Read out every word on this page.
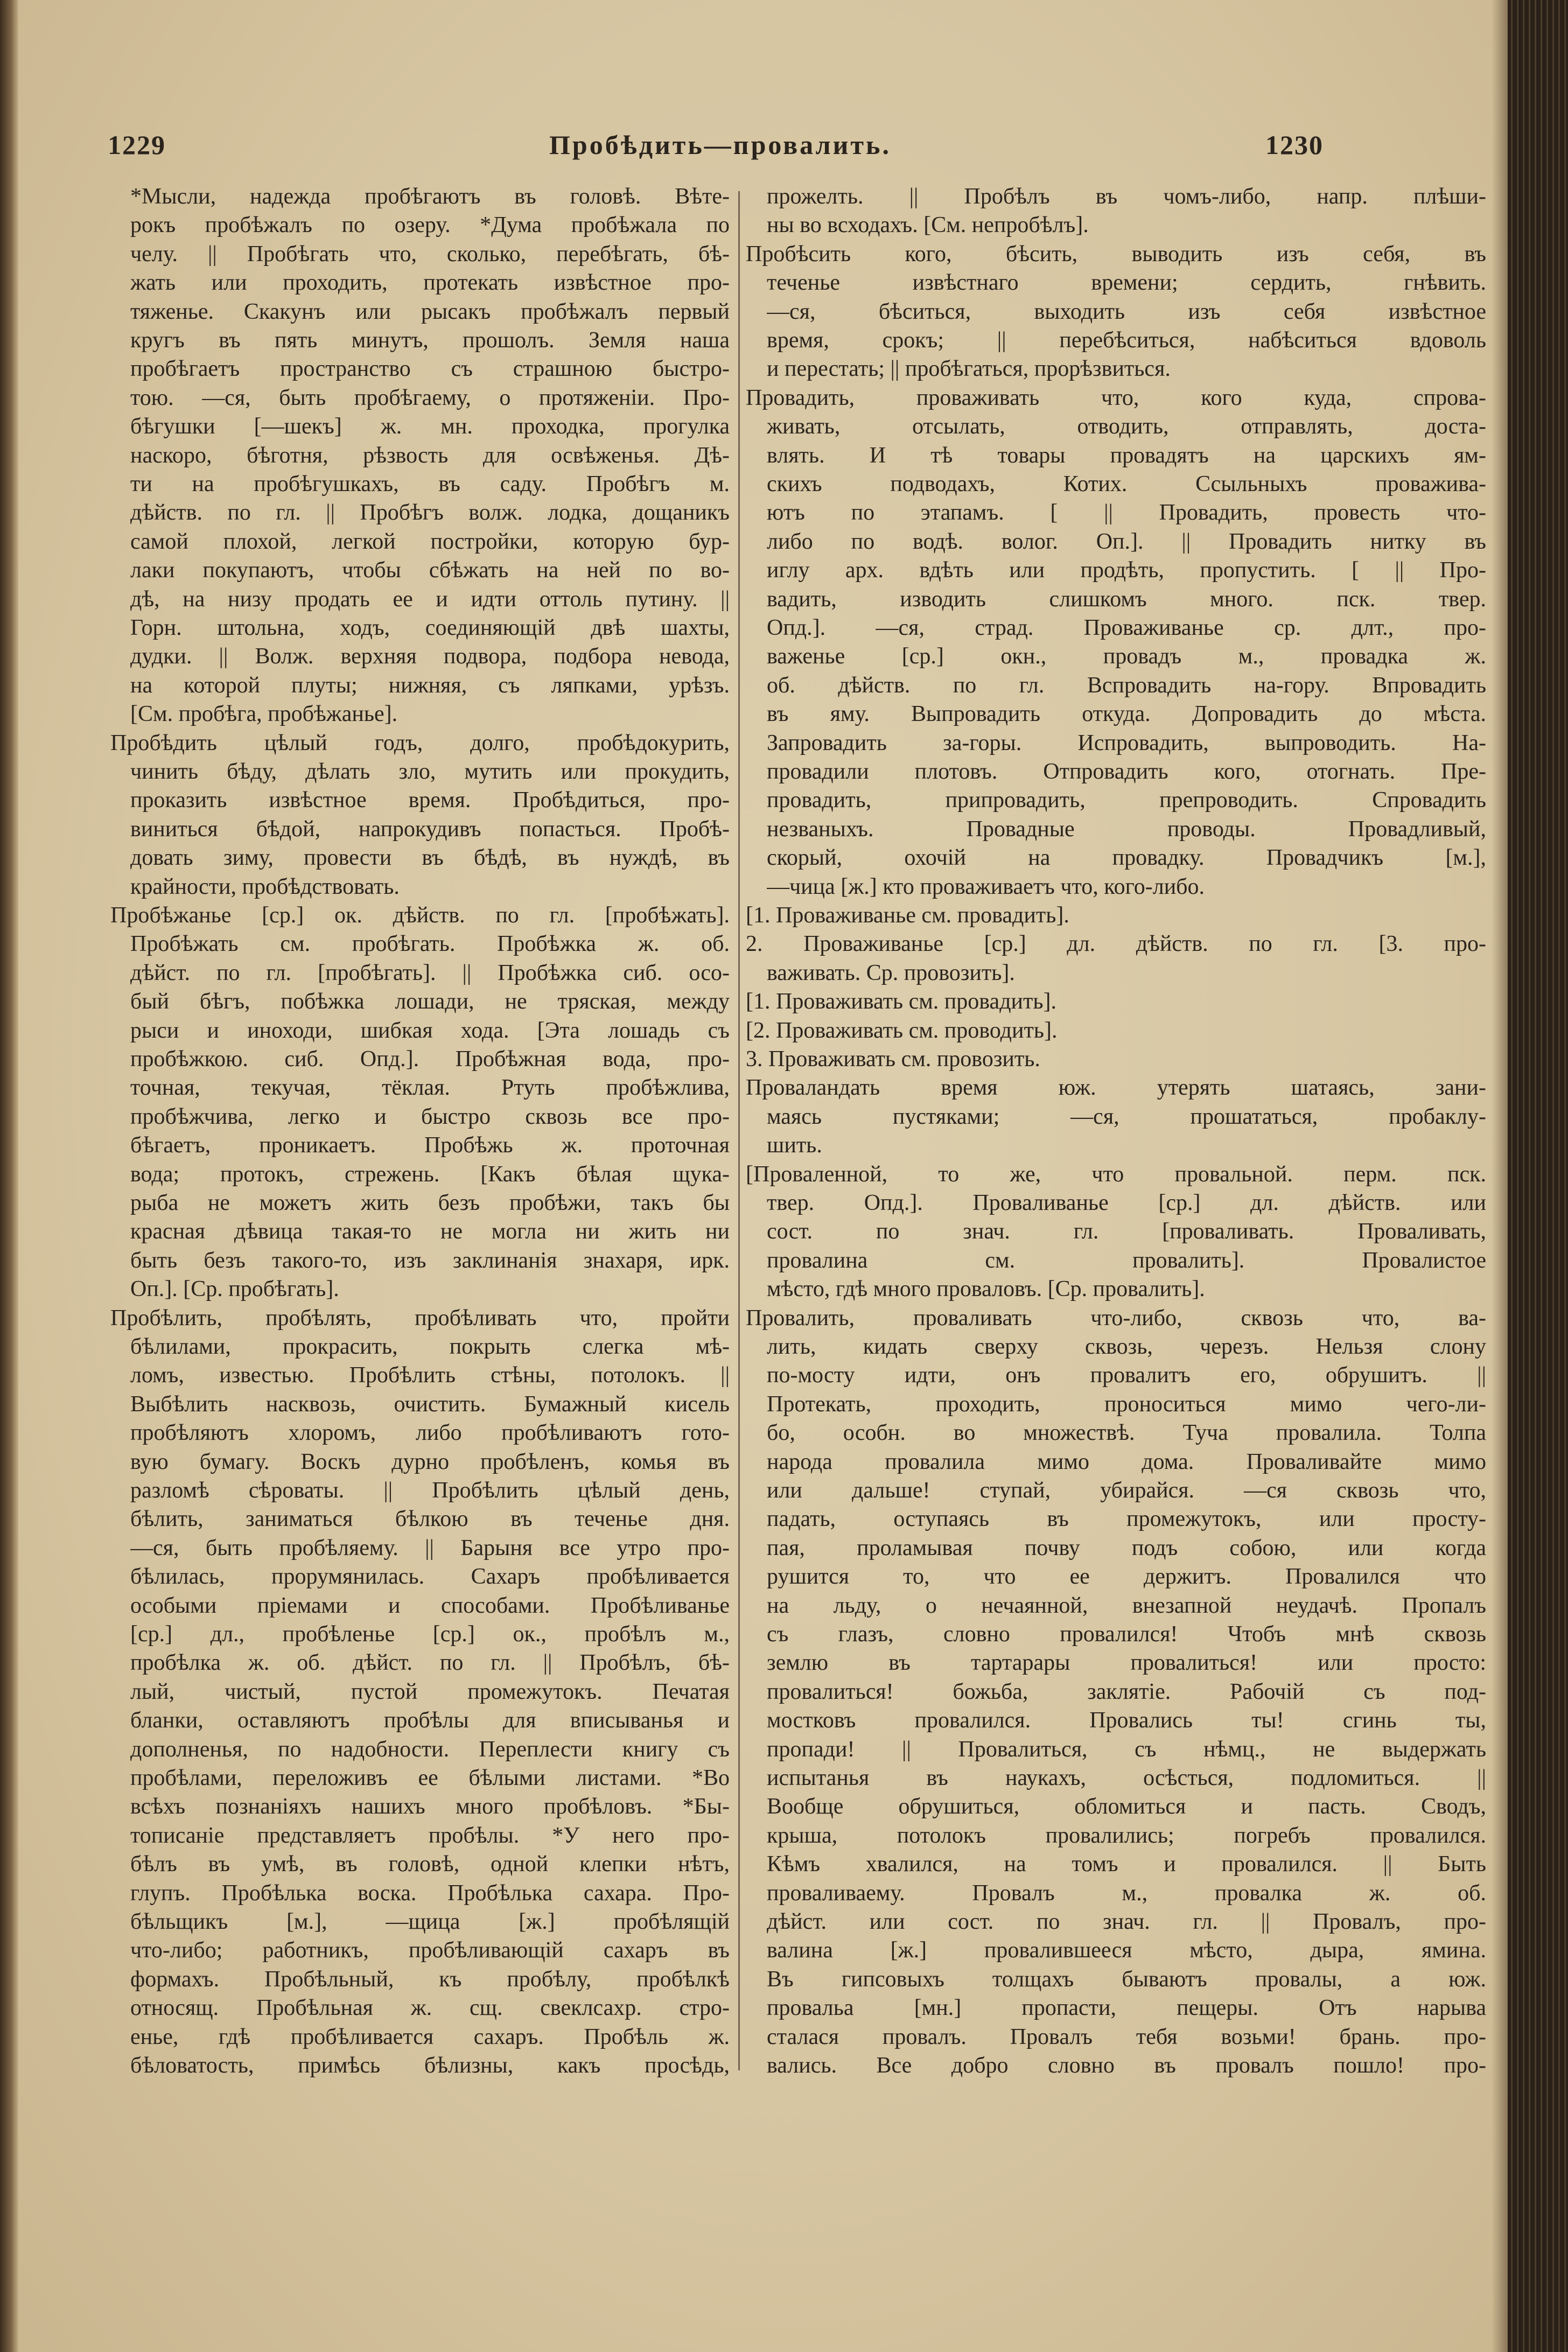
1229	Пробѣдить—провалить.	1230
*Мысли, надежда пробѣгаютъ въ головѣ. Вѣте-
рокъ пробѣжалъ по озеру. *Дума пробѣжала по
челу. || Пробѣгать что, сколько, перебѣгать, бѣ-
жать или проходить, протекать извѣстное про-
тяженье. Скакунъ или рысакъ пробѣжалъ первый
кругъ въ пять минутъ, прошолъ. Земля наша
пробѣгаетъ пространство съ страшною быстро-
тою. —ся, быть пробѣгаему, о протяженіи. Про-
бѣгушки [—шекъ] ж. мн. проходка, прогулка
наскоро, бѣготня, рѣзвость для освѣженья. Дѣ-
ти на пробѣгушкахъ, въ саду. Пробѣгъ м.
дѣйств. по гл. || Пробѣгъ волж. лодка, дощаникъ
самой плохой, легкой постройки, которую бур-
лаки покупаютъ, чтобы сбѣжать на ней по во-
дѣ, на низу продать ее и идти оттоль путину. ||
Горн. штольна, ходъ, соединяющій двѣ шахты,
дудки. || Волж. верхняя подвора, подбора невода,
на которой плуты; нижняя, съ ляпками, урѣзъ.
[См. пробѣга, пробѣжанье].
Пробѣдить цѣлый годъ, долго, пробѣдокурить,
чинить бѣду, дѣлать зло, мутить или прокудить,
проказить извѣстное время. Пробѣдиться, про-
виниться бѣдой, напрокудивъ попасться. Пробѣ-
довать зиму, провести въ бѣдѣ, въ нуждѣ, въ
крайности, пробѣдствовать.
Пробѣжанье [ср.] ок. дѣйств. по гл. [пробѣжать].
Пробѣжать см. пробѣгать. Пробѣжка ж. об.
дѣйст. по гл. [пробѣгать]. || Пробѣжка сиб. осо-
бый бѣгъ, побѣжка лошади, не тряская, между
рыси и иноходи, шибкая хода. [Эта лошадь съ
пробѣжкою. сиб. Опд.]. Пробѣжная вода, про-
точная, текучая, тёклая. Ртуть пробѣжлива,
пробѣжчива, легко и быстро сквозь все про-
бѣгаетъ, проникаетъ. Пробѣжь ж. проточная
вода; протокъ, стрежень. [Какъ бѣлая щука-
рыба не можетъ жить безъ пробѣжи, такъ бы
красная дѣвица такая-то не могла ни жить ни
быть безъ такого-то, изъ заклинанія знахаря, ирк.
Оп.]. [Ср. пробѣгать].
Пробѣлить, пробѣлять, пробѣливать что, пройти
бѣлилами, прокрасить, покрыть слегка мѣ-
ломъ, известью. Пробѣлить стѣны, потолокъ. ||
Выбѣлить насквозь, очистить. Бумажный кисель
пробѣляютъ хлоромъ, либо пробѣливаютъ гото-
вую бумагу. Воскъ дурно пробѣленъ, комья въ
разломѣ сѣроваты. || Пробѣлить цѣлый день,
бѣлить, заниматься бѣлкою въ теченье дня.
—ся, быть пробѣляему. || Барыня все утро про-
бѣлилась, прорумянилась. Сахаръ пробѣливается
особыми пріемами и способами. Пробѣливанье
[ср.] дл., пробѣленье [ср.] ок., пробѣлъ м.,
пробѣлка ж. об. дѣйст. по гл. || Пробѣлъ, бѣ-
лый, чистый, пустой промежутокъ. Печатая
бланки, оставляютъ пробѣлы для вписыванья и
дополненья, по надобности. Переплести книгу съ
пробѣлами, переложивъ ее бѣлыми листами. *Во
всѣхъ познаніяхъ нашихъ много пробѣловъ. *Бы-
тописаніе представляетъ пробѣлы. *У него про-
бѣлъ въ умѣ, въ головѣ, одной клепки нѣтъ,
глупъ. Пробѣлька воска. Пробѣлька сахара. Про-
бѣльщикъ [м.], —щица [ж.] пробѣлящій
что-либо; работникъ, пробѣливающій сахаръ въ
формахъ. Пробѣльный, къ пробѣлу, пробѣлкѣ
относящ. Пробѣльная ж. сщ. свеклсахр. стро-
енье, гдѣ пробѣливается сахаръ. Пробѣль ж.
бѣловатость, примѣсь бѣлизны, какъ просѣдь,
прожелть. || Пробѣлъ въ чомъ-либо, напр. плѣши-
ны во всходахъ. [См. непробѣлъ].
Пробѣсить кого, бѣсить, выводить изъ себя, въ
теченье извѣстнаго времени; сердить, гнѣвить.
—ся, бѣситься, выходить изъ себя извѣстное
время, срокъ; || перебѣситься, набѣситься вдоволь
и перестать; || пробѣгаться, прорѣзвиться.
Провадить, проваживать что, кого куда, спрова-
живать, отсылать, отводить, отправлять, доста-
влять. И тѣ товары провадятъ на царскихъ ям-
скихъ подводахъ, Котих. Ссыльныхъ проважива-
ютъ по этапамъ. [ || Провадить, провесть что-
либо по водѣ. волог. Оп.]. || Провадить нитку въ
иглу арх. вдѣть или продѣть, пропустить. [ || Про-
вадить, изводить слишкомъ много. пск. твер.
Опд.]. —ся, страд. Проваживанье ср. длт., про-
важенье [ср.] окн., провадъ м., провадка ж.
об. дѣйств. по гл. Вспровадить на-гору. Впровадить
въ яму. Выпровадить откуда. Допровадить до мѣста.
Запровадить за-горы. Испровадить, выпроводить. На-
провадили плотовъ. Отпровадить кого, отогнать. Пре-
провадить, припровадить, препроводить. Спровадить
незваныхъ. Провадные проводы. Провадливый,
скорый, охочій на провадку. Провадчикъ [м.],
—чица [ж.] кто проваживаетъ что, кого-либо.
[1. Проваживанье см. провадить].
2. Проваживанье [ср.] дл. дѣйств. по гл. [3. про-
важивать. Ср. провозить].
[1. Проваживать см. провадить].
[2. Проваживать см. проводить].
3. Проваживать см. провозить.
Проваландать время юж. утерять шатаясь, зани-
маясь пустяками; —ся, прошататься, пробаклу-
шить.
[Проваленной, то же, что провальной. перм. пск.
твер. Опд.]. Проваливанье [ср.] дл. дѣйств. или
сост. по знач. гл. [проваливать. Проваливать,
провалина см. провалить]. Провалистое
мѣсто, гдѣ много проваловъ. [Ср. провалить].
Провалить, проваливать что-либо, сквозь что, ва-
лить, кидать сверху сквозь, черезъ. Нельзя слону
по-мосту идти, онъ провалитъ его, обрушитъ. ||
Протекать, проходить, проноситься мимо чего-ли-
бо, особн. во множествѣ. Туча провалила. Толпа
народа провалила мимо дома. Проваливайте мимо
или дальше! ступай, убирайся. —ся сквозь что,
падать, оступаясь въ промежутокъ, или просту-
пая, проламывая почву подъ собою, или когда
рушится то, что ее держитъ. Провалился что
на льду, о нечаянной, внезапной неудачѣ. Пропалъ
съ глазъ, словно провалился! Чтобъ мнѣ сквозь
землю въ тартарары провалиться! или просто:
провалиться! божьба, заклятіе. Рабочій съ под-
мостковъ провалился. Провались ты! сгинь ты,
пропади! || Провалиться, съ нѣмц., не выдержать
испытанья въ наукахъ, осѣсться, подломиться. ||
Вообще обрушиться, обломиться и пасть. Сводъ,
крыша, потолокъ провалились; погребъ провалился.
Кѣмъ хвалился, на томъ и провалился. || Быть
проваливаему. Провалъ м., провалка ж. об.
дѣйст. или сост. по знач. гл. || Провалъ, про-
валина [ж.] провалившееся мѣсто, дыра, ямина.
Въ гипсовыхъ толщахъ бываютъ провалы, а юж.
провальа [мн.] пропасти, пещеры. Отъ нарыва
сталася провалъ. Провалъ тебя возьми! брань. про-
вались. Все добро словно въ провалъ пошло! про-
